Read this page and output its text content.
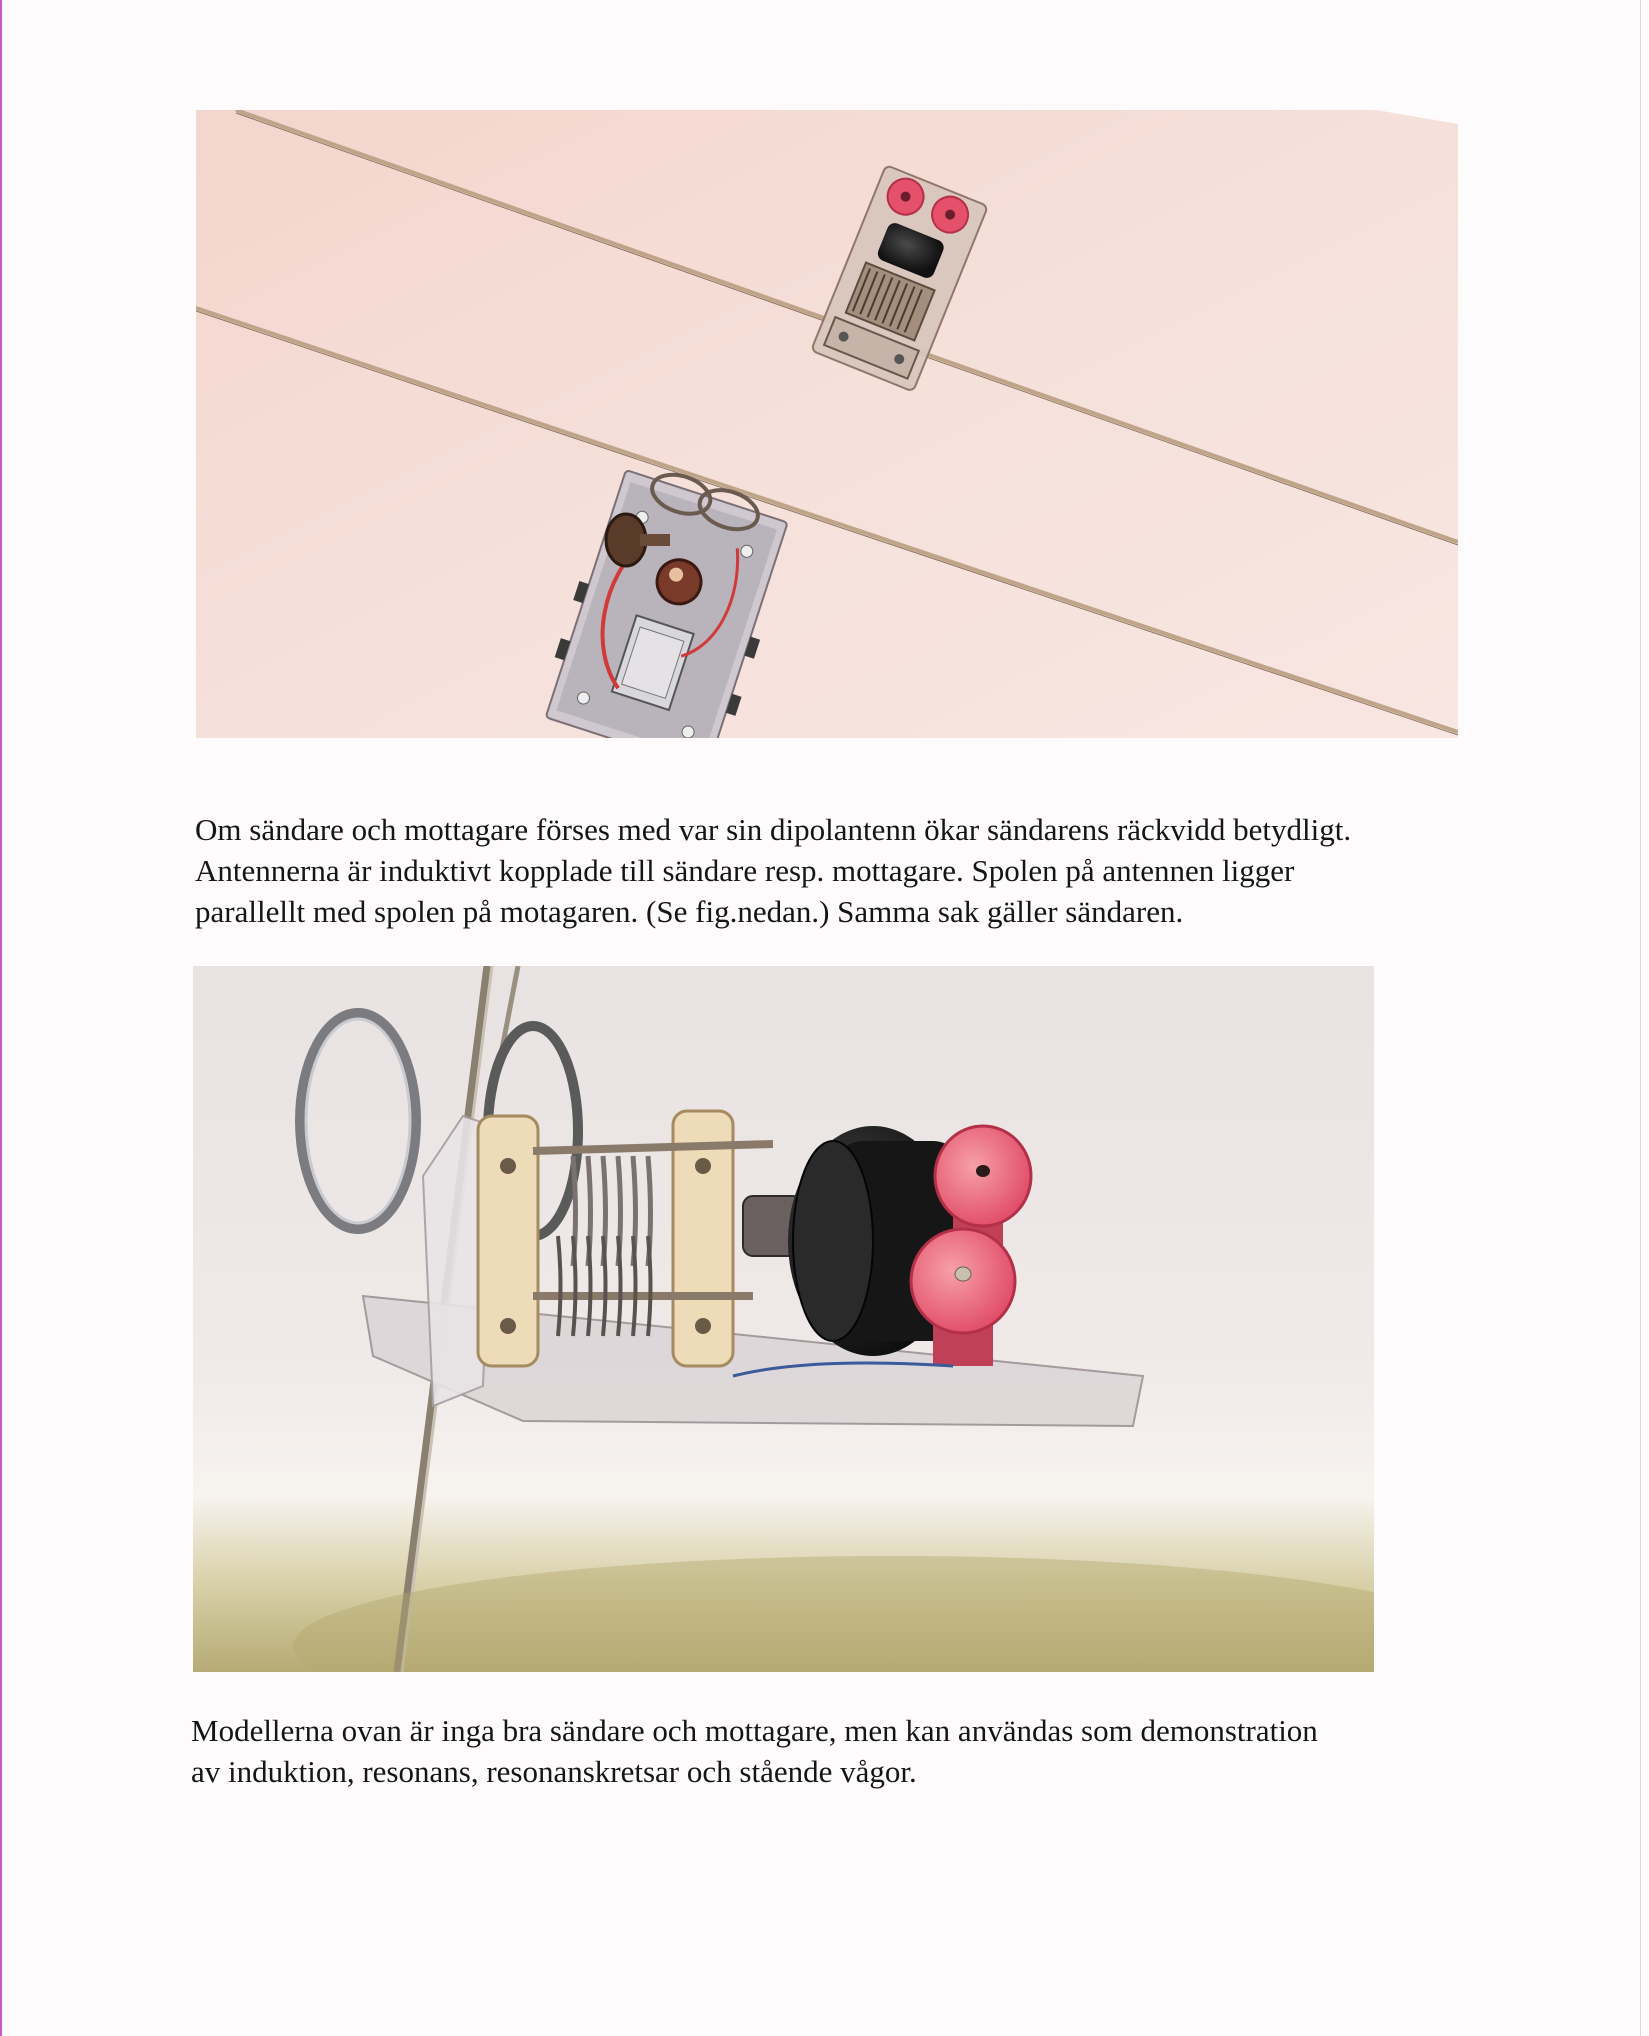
Om sändare och mottagare förses med var sin dipolantenn ökar sändarens räckvidd betydligt.
Antennerna är induktivt kopplade till sändare resp. mottagare. Spolen på antennen ligger
parallellt med spolen på motagaren. (Se fig.nedan.) Samma sak gäller sändaren.

Modellerna ovan är inga bra sändare och mottagare, men kan användas som demonstration
av induktion, resonans, resonanskretsar och stående vågor.
